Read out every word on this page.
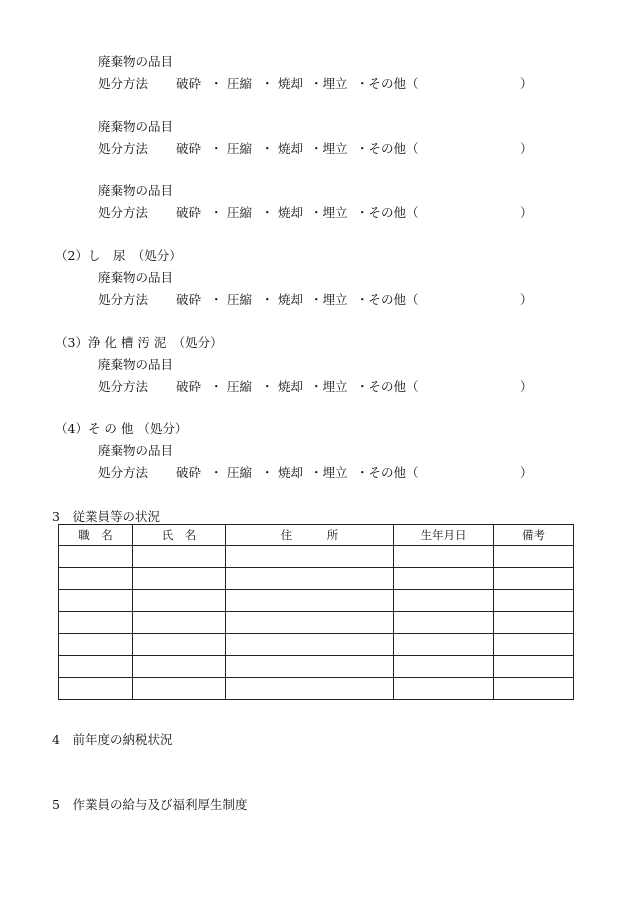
廃棄物の品目
処分方法 破砕 ・ 圧縮 ・ 焼却 ・埋立 ・その他（	）
廃棄物の品目
処分方法 破砕 ・ 圧縮 ・ 焼却 ・埋立 ・その他（	）
廃棄物の品目
処分方法 破砕 ・ 圧縮 ・ 焼却 ・埋立 ・その他（	）
（2）し　尿　（処分）
廃棄物の品目
処分方法 破砕 ・ 圧縮 ・ 焼却 ・埋立 ・その他（	）
（3）浄 化 槽 汚 泥　（処分）
廃棄物の品目
処分方法 破砕 ・ 圧縮 ・ 焼却 ・埋立 ・その他（	）
（4）そ の 他 （処分）
廃棄物の品目
処分方法 破砕 ・ 圧縮 ・ 焼却 ・埋立 ・その他（	）
3　従業員等の状況
職　名	氏　名	住　　　所	生年月日	備考

4　前年度の納税状況
5　作業員の給与及び福利厚生制度
